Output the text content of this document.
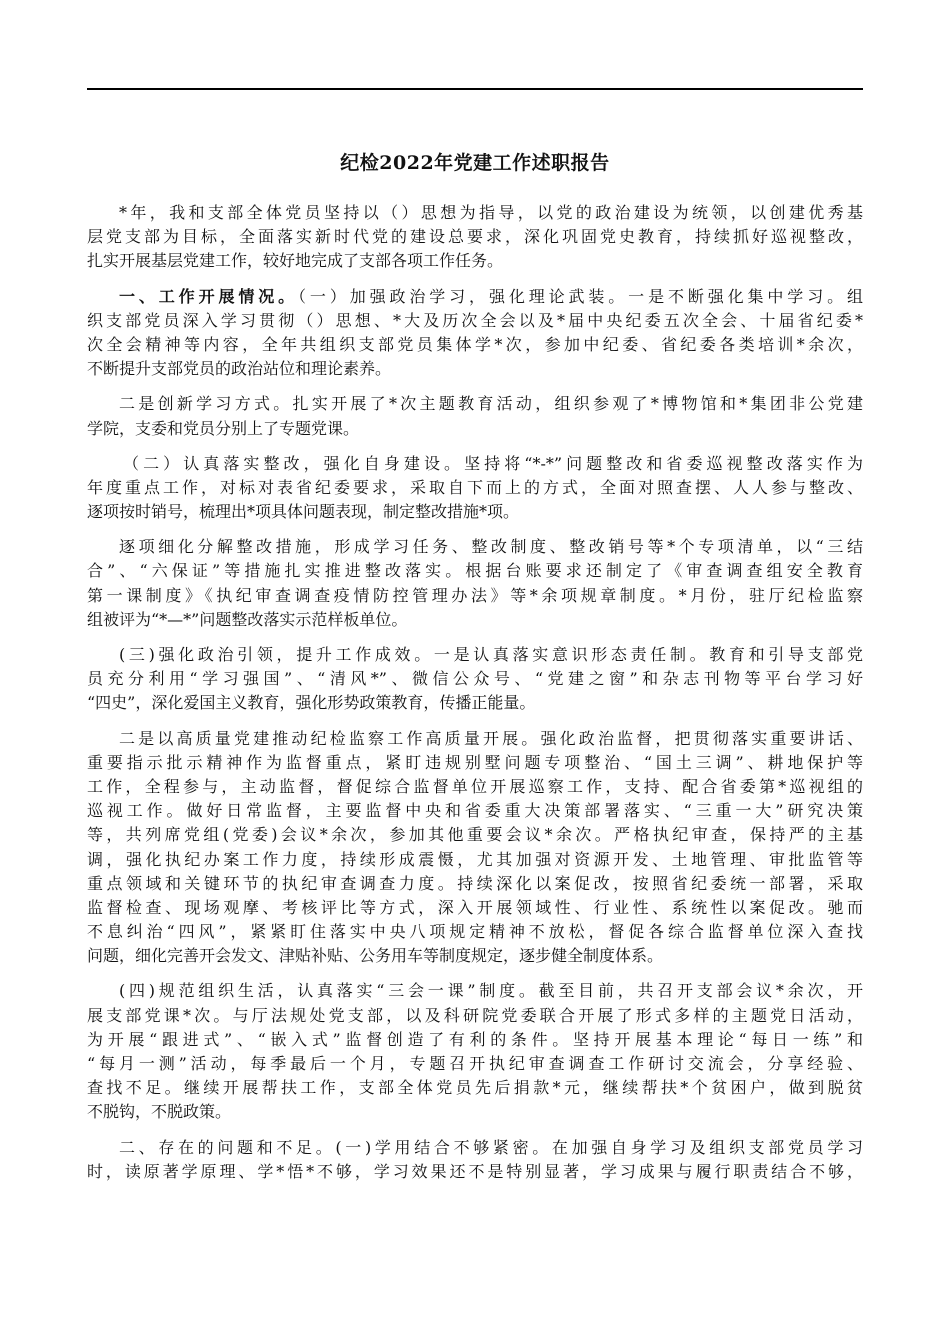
纪检2022年党建工作述职报告
*年，我和支部全体党员坚持以（）思想为指导，以党的政治建设为统领，以创建优秀基
层党支部为目标，全面落实新时代党的建设总要求，深化巩固党史教育，持续抓好巡视整改，
扎实开展基层党建工作，较好地完成了支部各项工作任务。
一、工作开展情况。（一）加强政治学习，强化理论武装。一是不断强化集中学习。组
织支部党员深入学习贯彻（）思想、*大及历次全会以及*届中央纪委五次全会、十届省纪委*
次全会精神等内容，全年共组织支部党员集体学*次，参加中纪委、省纪委各类培训*余次，
不断提升支部党员的政治站位和理论素养。
二是创新学习方式。扎实开展了*次主题教育活动，组织参观了*博物馆和*集团非公党建
学院，支委和党员分别上了专题党课。
（二）认真落实整改，强化自身建设。坚持将“*-*”问题整改和省委巡视整改落实作为
年度重点工作，对标对表省纪委要求，采取自下而上的方式，全面对照查摆、人人参与整改、
逐项按时销号，梳理出*项具体问题表现，制定整改措施*项。
逐项细化分解整改措施，形成学习任务、整改制度、整改销号等*个专项清单，以“三结
合”、“六保证”等措施扎实推进整改落实。根据台账要求还制定了《审查调查组安全教育
第一课制度》《执纪审查调查疫情防控管理办法》等*余项规章制度。*月份，驻厅纪检监察
组被评为“*—*”问题整改落实示范样板单位。
(三)强化政治引领，提升工作成效。一是认真落实意识形态责任制。教育和引导支部党
员充分利用“学习强国”、“清风*”、微信公众号、“党建之窗”和杂志刊物等平台学习好
“四史”，深化爱国主义教育，强化形势政策教育，传播正能量。
二是以高质量党建推动纪检监察工作高质量开展。强化政治监督，把贯彻落实重要讲话、
重要指示批示精神作为监督重点，紧盯违规别墅问题专项整治、“国土三调”、耕地保护等
工作，全程参与，主动监督，督促综合监督单位开展巡察工作，支持、配合省委第*巡视组的
巡视工作。做好日常监督，主要监督中央和省委重大决策部署落实、“三重一大”研究决策
等，共列席党组(党委)会议*余次，参加其他重要会议*余次。严格执纪审查，保持严的主基
调，强化执纪办案工作力度，持续形成震慑，尤其加强对资源开发、土地管理、审批监管等
重点领域和关键环节的执纪审查调查力度。持续深化以案促改，按照省纪委统一部署，采取
监督检查、现场观摩、考核评比等方式，深入开展领域性、行业性、系统性以案促改。驰而
不息纠治“四风”，紧紧盯住落实中央八项规定精神不放松，督促各综合监督单位深入查找
问题，细化完善开会发文、津贴补贴、公务用车等制度规定，逐步健全制度体系。
(四)规范组织生活，认真落实“三会一课”制度。截至目前，共召开支部会议*余次，开
展支部党课*次。与厅法规处党支部，以及科研院党委联合开展了形式多样的主题党日活动，
为开展“跟进式”、“嵌入式”监督创造了有利的条件。坚持开展基本理论“每日一练”和
“每月一测”活动，每季最后一个月，专题召开执纪审查调查工作研讨交流会，分享经验、
查找不足。继续开展帮扶工作，支部全体党员先后捐款*元，继续帮扶*个贫困户，做到脱贫
不脱钩，不脱政策。
二、存在的问题和不足。(一)学用结合不够紧密。在加强自身学习及组织支部党员学习
时，读原著学原理、学*悟*不够，学习效果还不是特别显著，学习成果与履行职责结合不够，
